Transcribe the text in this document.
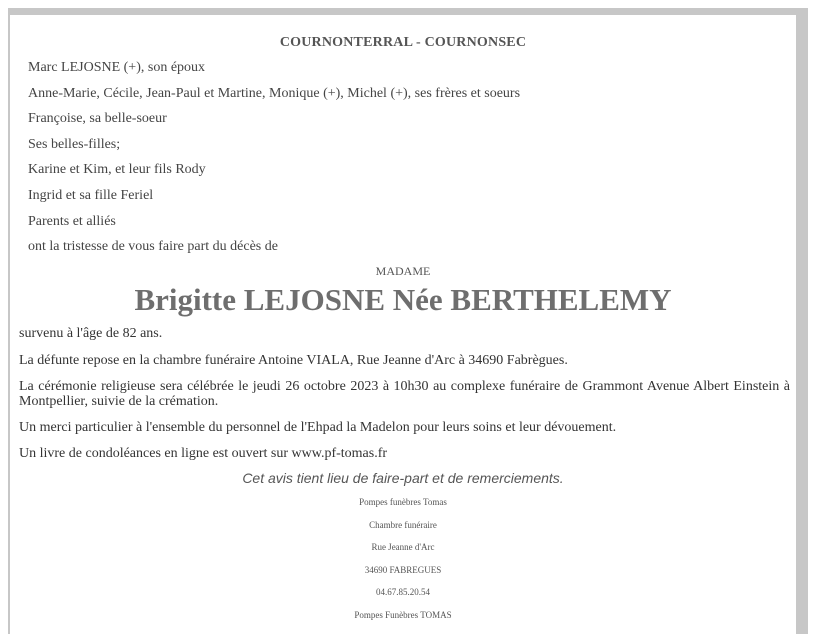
COURNONTERRAL - COURNONSEC
Marc LEJOSNE (+), son époux
Anne-Marie, Cécile, Jean-Paul et Martine, Monique (+), Michel (+), ses frères et soeurs
Françoise, sa belle-soeur
Ses belles-filles;
Karine et Kim, et leur fils Rody
Ingrid et sa fille Feriel
Parents et alliés
ont la tristesse de vous faire part du décès de
MADAME
Brigitte LEJOSNE Née BERTHELEMY

survenu à l'âge de 82 ans.

La défunte repose en la chambre funéraire Antoine VIALA, Rue Jeanne d'Arc à 34690 Fabrègues.

La cérémonie religieuse sera célébrée le jeudi 26 octobre 2023 à 10h30 au complexe funéraire de Grammont Avenue Albert Einstein à Montpellier, suivie de la crémation.

Un merci particulier à l'ensemble du personnel de l'Ehpad la Madelon pour leurs soins et leur dévouement.

Un livre de condoléances en ligne est ouvert sur www.pf-tomas.fr

Cet avis tient lieu de faire-part et de remerciements.
Pompes funèbres Tomas
Chambre funéraire
Rue Jeanne d'Arc
34690 FABREGUES
04.67.85.20.54
Pompes Funèbres TOMAS
